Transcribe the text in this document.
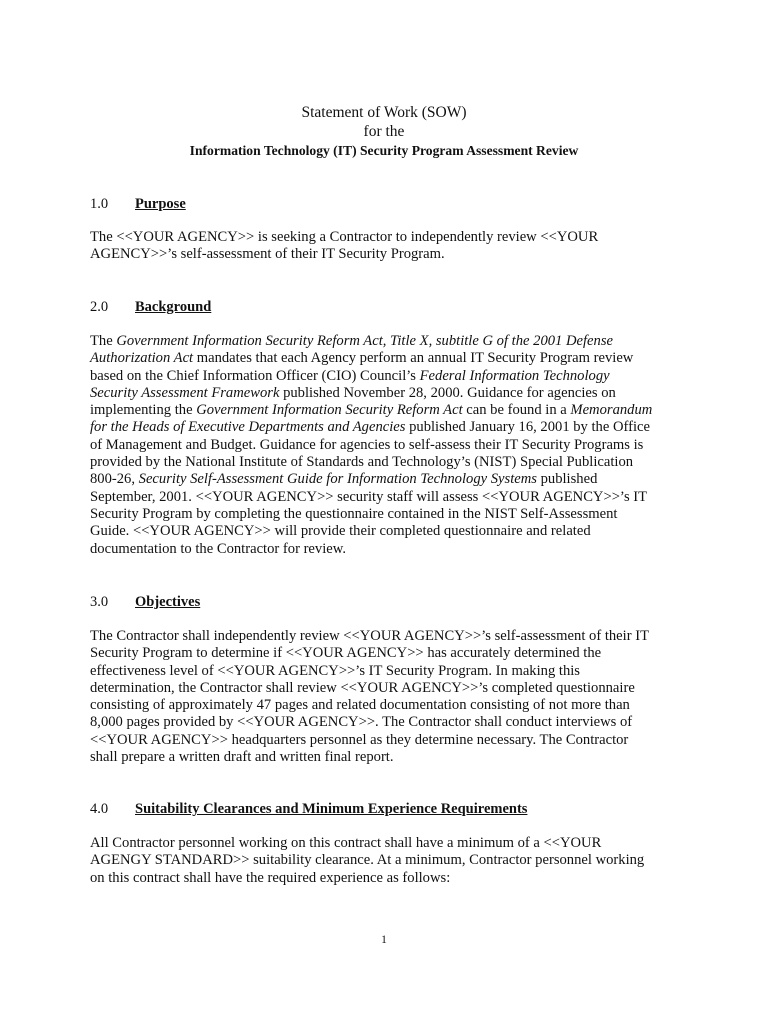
Statement of Work (SOW)
for the
Information Technology (IT) Security Program Assessment Review
1.0 Purpose
The <<YOUR AGENCY>> is seeking a Contractor to independently review <<YOUR
AGENCY>>’s self-assessment of their IT Security Program.
2.0 Background
The Government Information Security Reform Act, Title X, subtitle G of the 2001 Defense
Authorization Act mandates that each Agency perform an annual IT Security Program review
based on the Chief Information Officer (CIO) Council’s Federal Information Technology
Security Assessment Framework published November 28, 2000. Guidance for agencies on
implementing the Government Information Security Reform Act can be found in a Memorandum
for the Heads of Executive Departments and Agencies published January 16, 2001 by the Office
of Management and Budget. Guidance for agencies to self-assess their IT Security Programs is
provided by the National Institute of Standards and Technology’s (NIST) Special Publication
800-26, Security Self-Assessment Guide for Information Technology Systems published
September, 2001. <<YOUR AGENCY>> security staff will assess <<YOUR AGENCY>>’s IT
Security Program by completing the questionnaire contained in the NIST Self-Assessment
Guide. <<YOUR AGENCY>> will provide their completed questionnaire and related
documentation to the Contractor for review.
3.0 Objectives
The Contractor shall independently review <<YOUR AGENCY>>’s self-assessment of their IT
Security Program to determine if <<YOUR AGENCY>> has accurately determined the
effectiveness level of <<YOUR AGENCY>>’s IT Security Program. In making this
determination, the Contractor shall review <<YOUR AGENCY>>’s completed questionnaire
consisting of approximately 47 pages and related documentation consisting of not more than
8,000 pages provided by <<YOUR AGENCY>>. The Contractor shall conduct interviews of
<<YOUR AGENCY>> headquarters personnel as they determine necessary. The Contractor
shall prepare a written draft and written final report.
4.0 Suitability Clearances and Minimum Experience Requirements
All Contractor personnel working on this contract shall have a minimum of a <<YOUR
AGENGY STANDARD>> suitability clearance. At a minimum, Contractor personnel working
on this contract shall have the required experience as follows:
1
